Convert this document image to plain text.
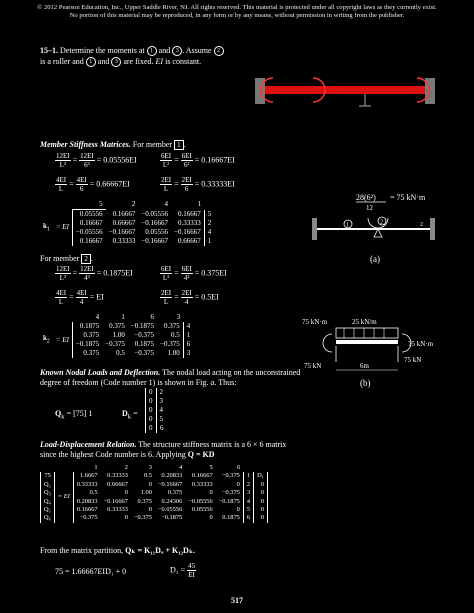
© 2012 Pearson Education, Inc., Upper Saddle River, NJ. All rights reserved. This material is protected under all copyright laws as they currently exist.
No portion of this material may be reproduced, in any form or by any means, without permission in writing from the publisher.
15–1. Determine the moments at 1 and 3 . Assume 2
is a roller and 1 and 3 are fixed. EI is constant.
Member Stiffness Matrices. For member 1 .
$\frac{12EI}{\text{L³}} = \frac{12EI}{\text{6³}} = 0.05556EI$	$\frac{6EI}{\text{L²}} = \frac{6EI}{\text{6²}} = 0.16667EI$
$\frac{4EI}{L} = \frac{4EI}{6} = 0.66667EI$	$\frac{2EI}{L} = \frac{2EI}{6} = 0.33333EI$
		5	2	4	1	
$k_1$	= EI	0.05556	0.16667	−0.05556	0.16667	5
		0.16667	0.66667	−0.16667	0.33333	2
		−0.05556	−0.16667	0.05556	−0.16667	4
		0.16667	0.33333	−0.16667	0.66667	1
28(6²) = 75 kN·m
12
2
1	2
(a)
For member 2 .
$\frac{12EI}{\text{L³}} = \frac{12EI}{\text{4³}} = 0.1875EI$	$\frac{6EI}{\text{L²}} = \frac{6EI}{\text{4²}} = 0.375EI$
$\frac{4EI}{L} = \frac{4EI}{4}$ = EI	$\frac{2EI}{L} = \frac{2EI}{4} = 0.5EI$
		4	1	6	3	
$k_2$	= EI	0.1875	0.375	−0.1875	0.375	4
		0.375	1.00	−0.375	0.5	1
		−0.1875	−0.375	0.1875	−0.375	6
		0.375	0.5	−0.375	1.00	3
75 kN·m	25 kN/m
75 kN·m
75 kN
75 kN
6m
(b)
Known Nodal Loads and Deflection. The nodal load acting on the unconstrained
degree of freedom (Code number 1) is shown in Fig. a. Thus:
$Q_k = [75]$ 1	$D_k$ =
0	2
0	3
0	4
0	5
0	6
Load-Displacement Relation. The structure stiffness matrix is a 6 × 6 matrix
since the highest Code number is 6. Applying Q = KD
		1	2	3	4	5	6		
75	= EI	1.6667	0.33333	0.5	0.20833	0.16667	−0.375	1	D₁
Q₂		0.33333	0.66667	0	−0.16667	0.33333	0	2	0
Q₃		0.5	0	1.00	0.375	0	−0.375	3	0
Q₄		0.20833	−0.16667	0.375	0.24306	−0.05556	−0.1875	4	0
Q₅		0.16667	0.33333	0	−0.05556	0.05556	0	5	0
Q₆		−0.375	0	−0.375	−0.1875	0	0.1875	6	0
From the matrix partition, Qₖ = K₁₁Dᵤ + K₁₂Dₖ.
75 = 1.66667EID₁ + 0	$D_1 = \frac{45}{EI}$
517
